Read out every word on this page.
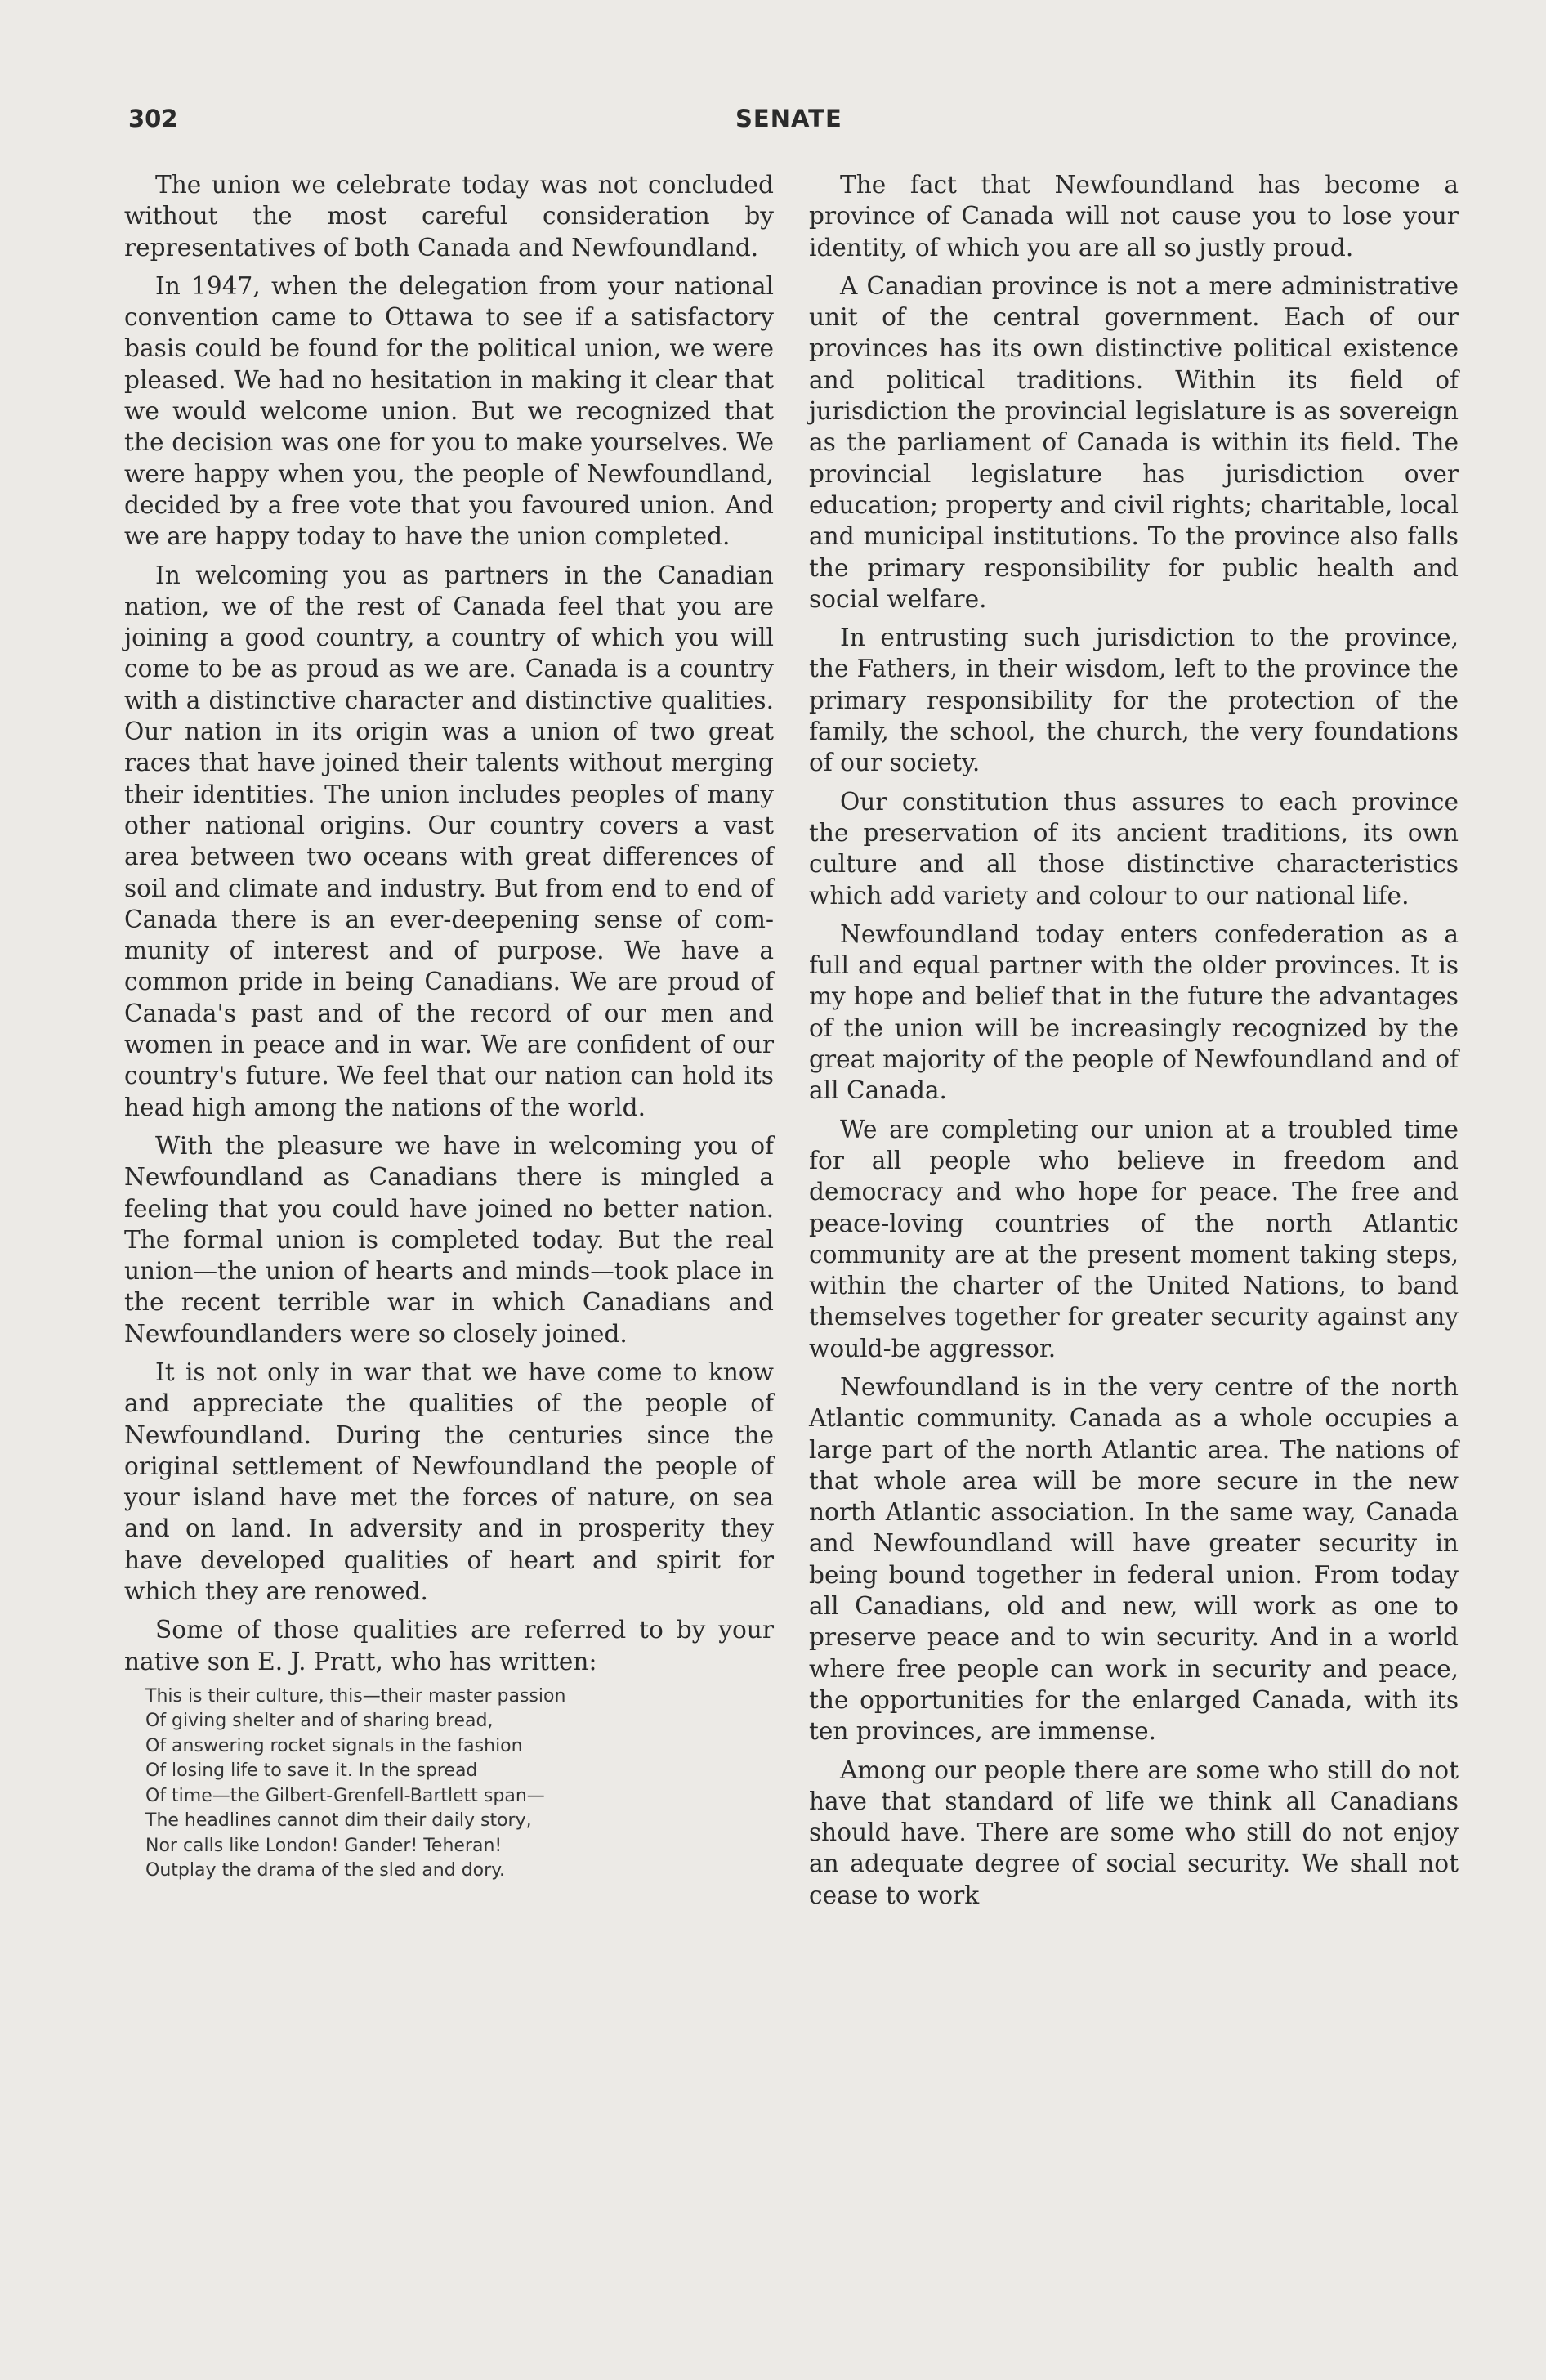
302	SENATE

The union we celebrate today was not concluded without the most careful consideration by representatives of both Canada and Newfoundland.

In 1947, when the delegation from your national convention came to Ottawa to see if a satisfactory basis could be found for the political union, we were pleased. We had no hesitation in making it clear that we would welcome union. But we recognized that the decision was one for you to make yourselves. We were happy when you, the people of Newfoundland, decided by a free vote that you favoured union. And we are happy today to have the union completed.

In welcoming you as partners in the Canadian nation, we of the rest of Canada feel that you are joining a good country, a country of which you will come to be as proud as we are. Canada is a country with a distinctive character and distinctive qualities. Our nation in its origin was a union of two great races that have joined their talents without merging their identities. The union includes peoples of many other national origins. Our country covers a vast area between two oceans with great differences of soil and climate and industry. But from end to end of Canada there is an ever-deepening sense of community of interest and of purpose. We have a common pride in being Canadians. We are proud of Canada's past and of the record of our men and women in peace and in war. We are confident of our country's future. We feel that our nation can hold its head high among the nations of the world.

With the pleasure we have in welcoming you of Newfoundland as Canadians there is mingled a feeling that you could have joined no better nation. The formal union is completed today. But the real union—the union of hearts and minds—took place in the recent terrible war in which Canadians and Newfoundlanders were so closely joined.

It is not only in war that we have come to know and appreciate the qualities of the people of Newfoundland. During the centuries since the original settlement of Newfoundland the people of your island have met the forces of nature, on sea and on land. In adversity and in prosperity they have developed qualities of heart and spirit for which they are renowed.

Some of those qualities are referred to by your native son E. J. Pratt, who has written:

This is their culture, this—their master passion
Of giving shelter and of sharing bread,
Of answering rocket signals in the fashion
Of losing life to save it. In the spread
Of time—the Gilbert-Grenfell-Bartlett span—
The headlines cannot dim their daily story,
Nor calls like London! Gander! Teheran!
Outplay the drama of the sled and dory.

The fact that Newfoundland has become a province of Canada will not cause you to lose your identity, of which you are all so justly proud.

A Canadian province is not a mere administrative unit of the central government. Each of our provinces has its own distinctive political existence and political traditions. Within its field of jurisdiction the provincial legislature is as sovereign as the parliament of Canada is within its field. The provincial legislature has jurisdiction over education; property and civil rights; charitable, local and municipal institutions. To the province also falls the primary responsibility for public health and social welfare.

In entrusting such jurisdiction to the province, the Fathers, in their wisdom, left to the province the primary responsibility for the protection of the family, the school, the church, the very foundations of our society.

Our constitution thus assures to each province the preservation of its ancient traditions, its own culture and all those distinctive characteristics which add variety and colour to our national life.

Newfoundland today enters confederation as a full and equal partner with the older provinces. It is my hope and belief that in the future the advantages of the union will be increasingly recognized by the great majority of the people of Newfoundland and of all Canada.

We are completing our union at a troubled time for all people who believe in freedom and democracy and who hope for peace. The free and peace-loving countries of the north Atlantic community are at the present moment taking steps, within the charter of the United Nations, to band themselves together for greater security against any would-be aggressor.

Newfoundland is in the very centre of the north Atlantic community. Canada as a whole occupies a large part of the north Atlantic area. The nations of that whole area will be more secure in the new north Atlantic association. In the same way, Canada and Newfoundland will have greater security in being bound together in federal union. From today all Canadians, old and new, will work as one to preserve peace and to win security. And in a world where free people can work in security and peace, the opportunities for the enlarged Canada, with its ten provinces, are immense.

Among our people there are some who still do not have that standard of life we think all Canadians should have. There are some who still do not enjoy an adequate degree of social security. We shall not cease to work
